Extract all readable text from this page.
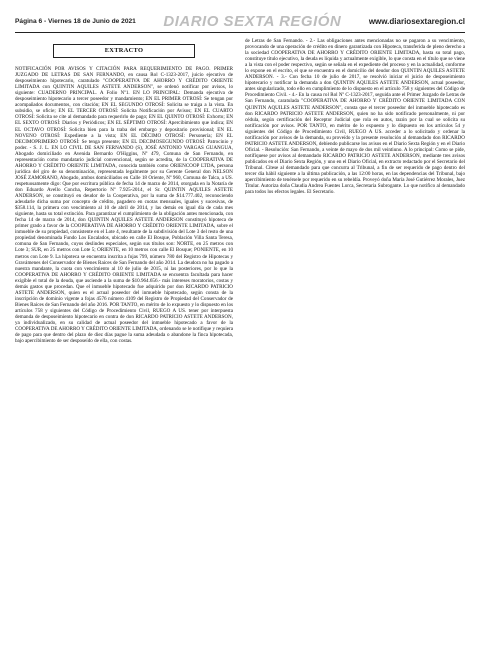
Página 6 - Viernes 18 de Junio de 2021 DIARIO SEXTA REGIÓN	www.diariosextaregion.cl
EXTRACTO

NOTIFICACIÓN POR AVISOS Y CITACIÓN PARA REQUERIMIENTO DE PAGO. PRIMER JUZGADO DE LETRAS DE SAN FERNANDO, en causa Rol C-1323-2017, juicio ejecutivo de desposeimiento hipotecario, caratulado "COOPERATIVA DE AHORRO Y CRÉDITO ORIENTE LIMITADA con QUINTIN AQUILES ASTETE ANDERSON", se ordenó notificar por avisos, lo siguiente: CUADERNO PRINCIPAL. A Folio Nº1. EN LO PRINCIPAL: Demanda ejecutiva de desposeimiento hipotecario a tercer poseedor y mandamiento; EN EL PRIMER OTROSÍ: Se tengan por acompañados documentos, con citación; EN EL SEGUNDO OTROSÍ: Solicita se traiga a la vista. En subsidio, se oficie; EN EL TERCER OTROSÍ: Solicita Notificación por Avisos; EN EL CUARTO OTROSÍ: Solicita se cite al demandado para requerirlo de pago; EN EL QUINTO OTROSÍ: Exhorto; EN EL SEXTO OTROSÍ: Diarios y Periódicos; EN EL SÉPTIMO OTROSÍ: Apercibimiento que indica; EN EL OCTAVO OTROSÍ: Solicita bien para la traba del embargo y depositario provisional; EN EL NOVENO OTROSÍ: Expediente a la vista; EN EL DÉCIMO OTROSÍ: Personería; EN EL DECIMOPRIMERO OTROSÍ: Se tenga presente; EN EL DECIMOSEGUNDO OTROSÍ: Patrocinio y poder. - S. J. L. EN LO CIVIL DE SAN FERNANDO (S), JOSÉ ANTONIO VARGAS GUANGUA, Abogado domiciliado en Avenida Bernardo O'Higgins, Nº 479, Comuna de San Fernando, en representación como mandatario judicial convencional, según se acredita, de la COOPERATIVA DE AHORRO Y CRÉDITO ORIENTE LIMITADA, conocida también como ORIENCOOP LTDA, persona jurídica del giro de su denominación, representada legalmente por su Gerente General don NELSON JOSÉ ZAMORANO, Abogado, ambos domiciliados en Calle 18 Oriente, Nº 960, Comuna de Talca, a US. respetuosamente digo: Que por escritura pública de fecha 14 de marzo de 2014, otorgada en la Notaría de don Eduardo Avello Concha, Repertorio Nº 7.925-2014, el Sr. QUINTIN AQUILES ASTETE ANDERSON, se constituyó en deudor de la Cooperativa, por la suma de $14.777.402, reconociendo adeudarle dicha suma por concepto de crédito, pagadero en cuotas mensuales, iguales y sucesivas, de $358.114, la primera con vencimiento al 10 de abril de 2014, y las demás en igual día de cada mes siguiente, hasta su total extinción. Para garantizar el cumplimiento de la obligación antes mencionada, con fecha 14 de marzo de 2014, don QUINTIN AQUILES ASTETE ANDERSON constituyó hipoteca de primer grado a favor de la COOPERATIVA DE AHORRO Y CRÉDITO ORIENTE LIMITADA, sobre el inmueble de su propiedad, consistente en el Lote 4, resultante de la subdivisión del Lote 3 del resto de una propiedad denominada Fundo Los Encalados, ubicado en calle El Bosque, Población Villa Santa Teresa, comuna de San Fernando, cuyos deslindes especiales, según sus títulos son: NORTE, en 25 metros con Lote 3; SUR, en 25 metros con Lote 5; ORIENTE, en 10 metros con calle El Bosque; PONIENTE, en 10 metros con Lote 9. La hipoteca se encuentra inscrita a fojas 799, número 780 del Registro de Hipotecas y Gravámenes del Conservador de Bienes Raíces de San Fernando del año 2014. La deudora no ha pagado a nuestra mandante, la cuota con vencimiento al 10 de julio de 2015, ni las posteriores, por lo que la COOPERATIVA DE AHORRO Y CRÉDITO ORIENTE LIMITADA se encuentra facultada para hacer exigible el total de la deuda, que asciende a la suma de $10.964.656.- más intereses moratorios, costas y demás gastos que procedan. Que el inmueble hipotecado fue adquirido por don RICARDO PATRICIO ASTETE ANDERSON, quien es el actual poseedor del inmueble hipotecado, según consta de la inscripción de dominio vigente a fojas 4576 número 4109 del Registro de Propiedad del Conservador de Bienes Raíces de San Fernando del año 2016. POR TANTO, en mérito de lo expuesto y lo dispuesto en los artículos 758 y siguientes del Código de Procedimiento Civil, RUEGO A US. tener por interpuesta demanda de desposeimiento hipotecario en contra de don RICARDO PATRICIO ASTETE ANDERSON, ya individualizado, en su calidad de actual poseedor del inmueble hipotecado a favor de la COOPERATIVA DE AHORRO Y CRÉDITO ORIENTE LIMITADA, ordenando se le notifique y requiera de pago para que dentro del plazo de diez días pague la suma adeudada o abandone la finca hipotecada, bajo apercibimiento de ser desposeído de ella, con costas.

de Letras de San Fernando. - 2.- Las obligaciones antes mencionadas no se pagaron a su vencimiento, provocando de una operación de crédito en dinero garantizada con Hipoteca, transferida de pleno derecho a la sociedad COOPERATIVA DE AHORRO Y CRÉDITO ORIENTE LIMITADA, hasta su total pago, constituye título ejecutivo, la deuda es líquida y actualmente exigible, lo que consta en el título que se viene a la vista con el poder respectivo, según se señala en el expediente del proceso y en la actualidad, conforme lo expone en el escrito, el que se encuentra en el domicilio del deudor don QUINTIN AQUILES ASTETE ANDERSON. - 3.- Con fecha 10 de julio de 2017, se resolvió iniciar el juicio de desposeimiento hipotecario y notificar la demanda a don QUINTIN AQUILES ASTETE ANDERSON, actual poseedor, antes singularizado, todo ello en cumplimiento de lo dispuesto en el artículo 758 y siguientes del Código de Procedimiento Civil. - 4.- En la causa rol Rol Nº C-1323-2017, seguida ante el Primer Juzgado de Letras de San Fernando, caratulada "COOPERATIVA DE AHORRO Y CRÉDITO ORIENTE LIMITADA CON QUINTIN AQUILES ASTETE ANDERSON", consta que el tercer poseedor del inmueble hipotecado es don RICARDO PATRICIO ASTETE ANDERSON, quien no ha sido notificado personalmente, ni por cédula, según certificación del Receptor Judicial que rola en autos, razón por la cual se solicita su notificación por avisos. POR TANTO, en mérito de lo expuesto y lo dispuesto en los artículos 54 y siguientes del Código de Procedimiento Civil, RUEGO A US. acceder a lo solicitado y ordenar la notificación por avisos de la demanda, su proveído y la presente resolución al demandado don RICARDO PATRICIO ASTETE ANDERSON, debiendo publicarse los avisos en el Diario Sexta Región y en el Diario Oficial. - Resolución: San Fernando, a veinte de mayo de dos mil veintiuno. A lo principal: Como se pide, notifíquese por avisos al demandado RICARDO PATRICIO ASTETE ANDERSON, mediante tres avisos publicados en el Diario Sexta Región, y uno en el Diario Oficial, en extracto redactado por el Secretario del Tribunal. Cítese al demandado para que concurra al Tribunal, a fin de ser requerido de pago dentro del tercer día hábil siguiente a la última publicación, a las 12:00 horas, en las dependencias del Tribunal, bajo apercibimiento de tenérsele por requerido en su rebeldía. Proveyó doña María José Gutiérrez Morales, Juez Titular. Autoriza doña Claudia Andrea Fuentes Lorca, Secretaria Subrogante. Lo que notifico al demandado para todos los efectos legales. El Secretario.
